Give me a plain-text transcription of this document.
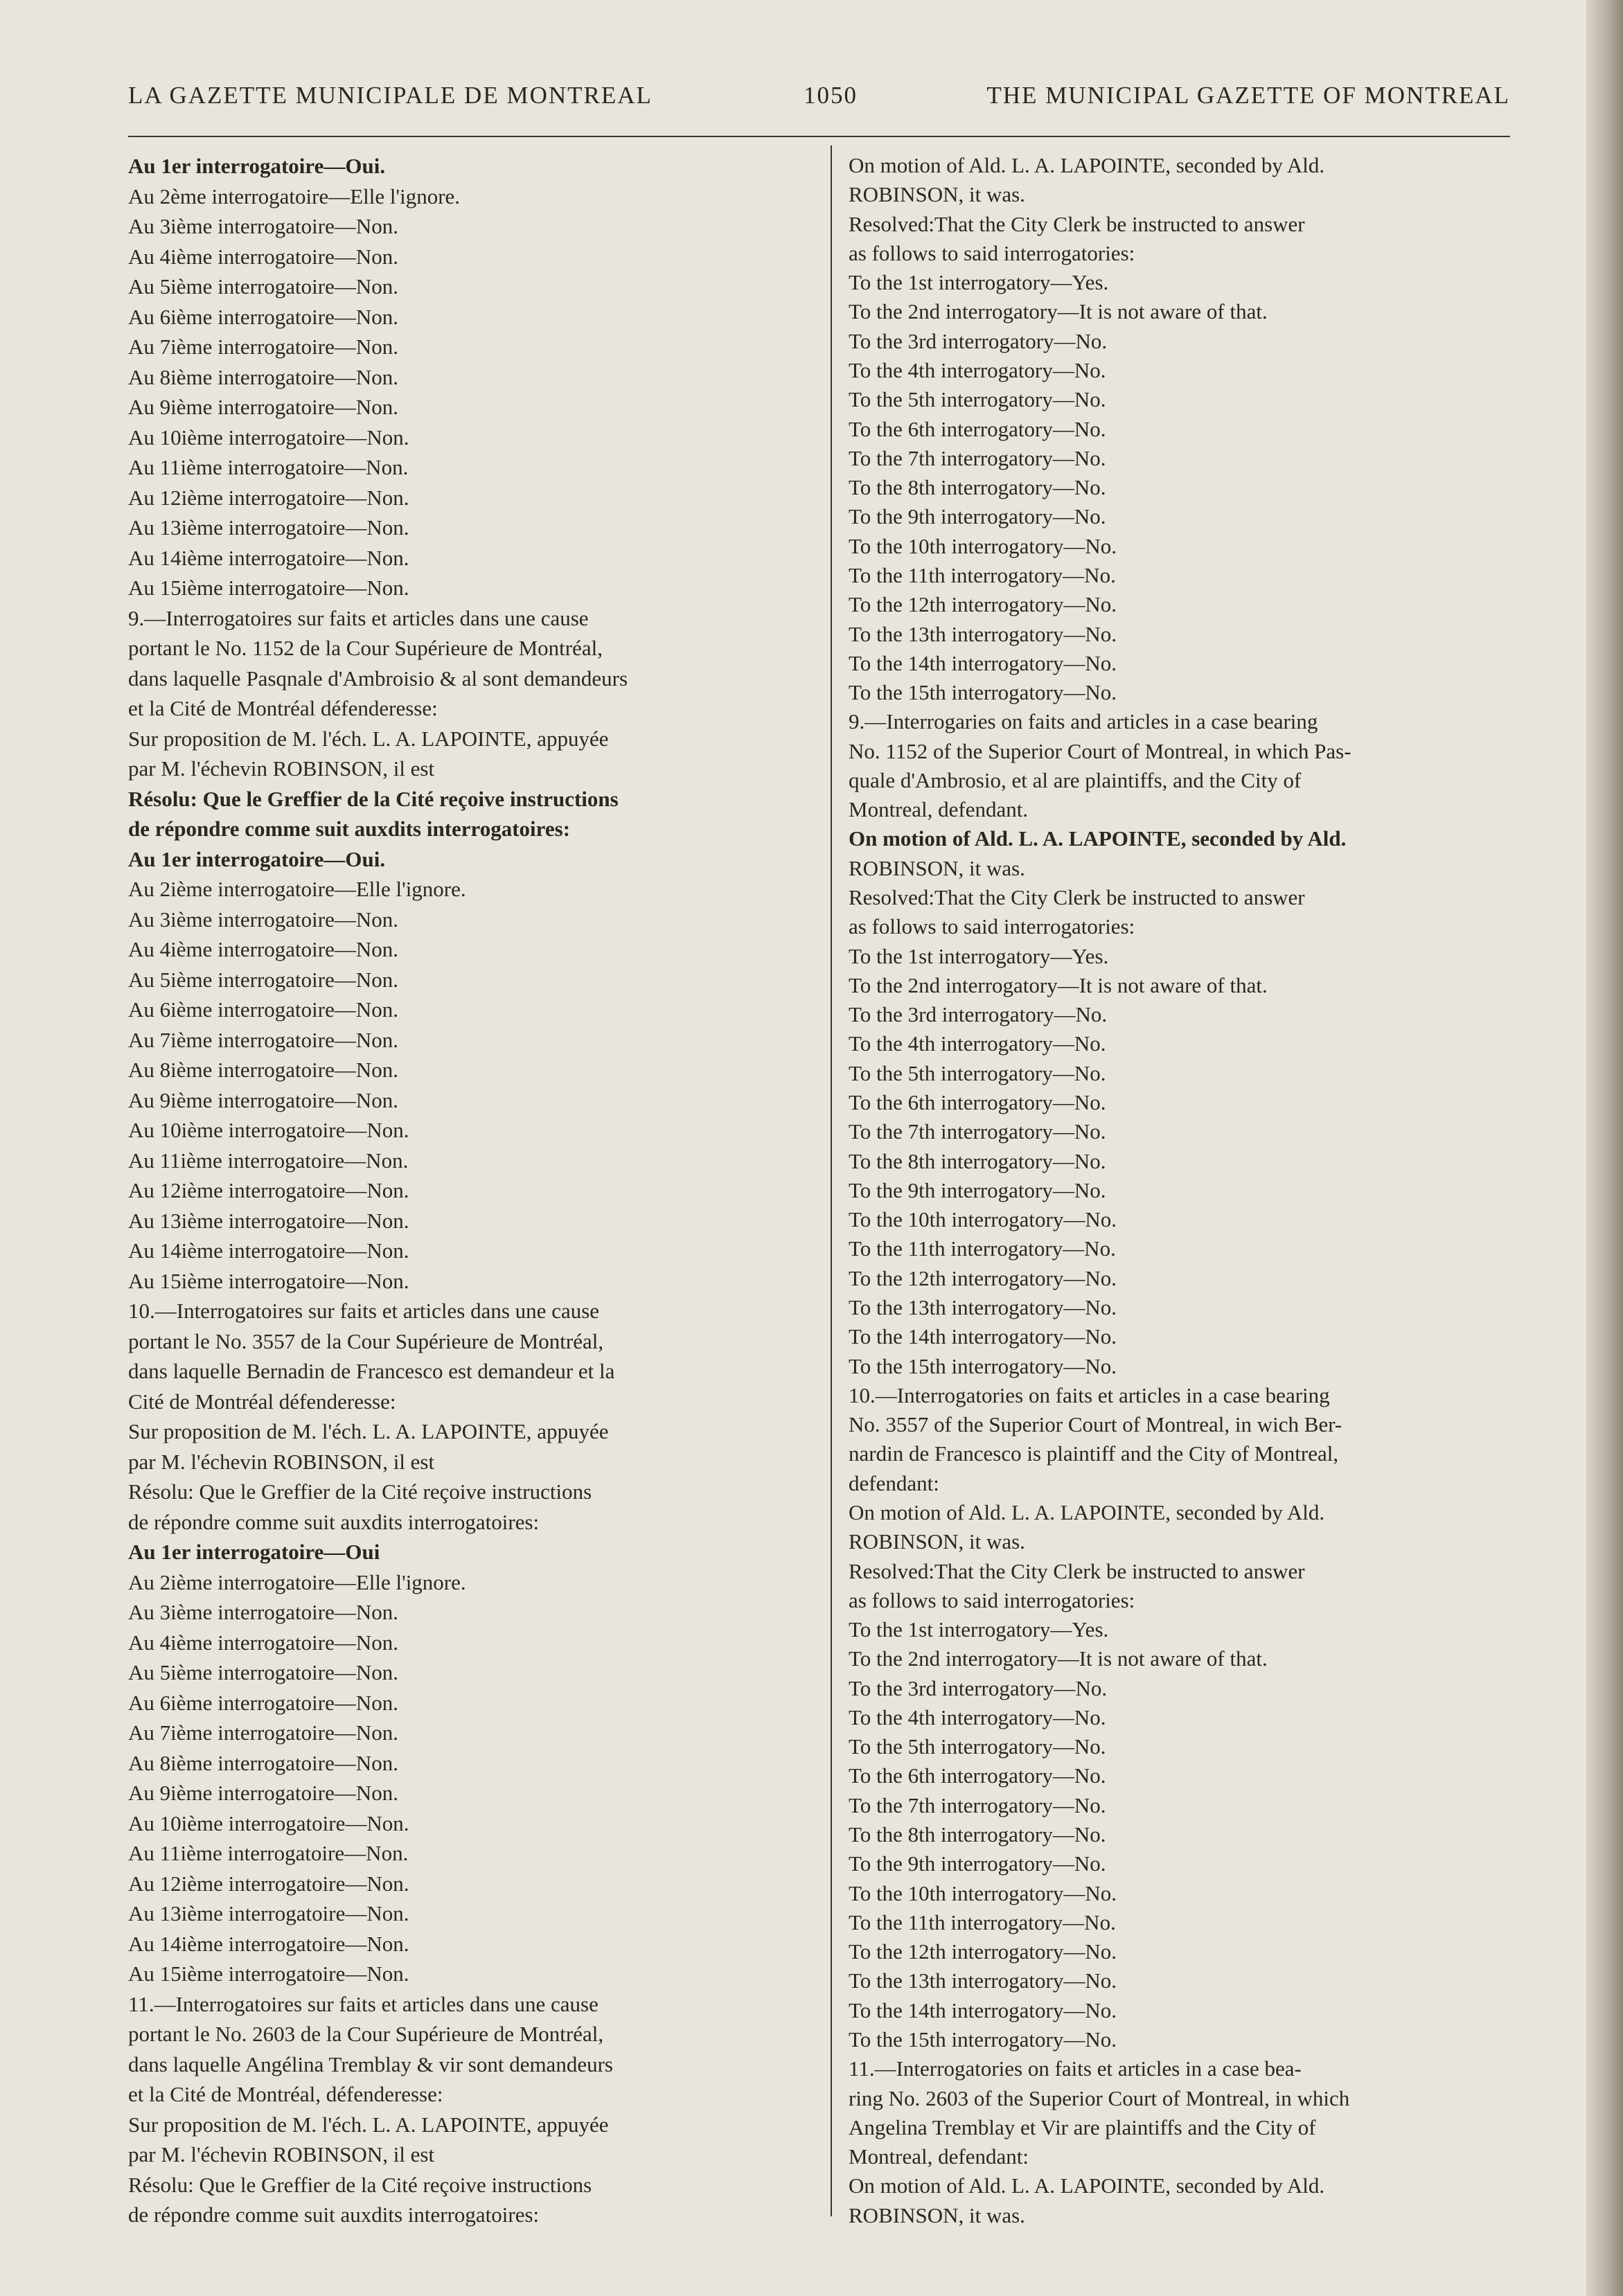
LA GAZETTE MUNICIPALE DE MONTREAL	1050	THE MUNICIPAL GAZETTE OF MONTREAL
Au 1er interrogatoire—Oui.
Au 2ème interrogatoire—Elle l'ignore.
Au 3ième interrogatoire—Non.
Au 4ième interrogatoire—Non.
Au 5ième interrogatoire—Non.
Au 6ième interrogatoire—Non.
Au 7ième interrogatoire—Non.
Au 8ième interrogatoire—Non.
Au 9ième interrogatoire—Non.
Au 10ième interrogatoire—Non.
Au 11ième interrogatoire—Non.
Au 12ième interrogatoire—Non.
Au 13ième interrogatoire—Non.
Au 14ième interrogatoire—Non.
Au 15ième interrogatoire—Non.
9.—Interrogatoires sur faits et articles dans une cause
portant le No. 1152 de la Cour Supérieure de Montréal,
dans laquelle Pasqnale d'Ambroisio & al sont demandeurs
et la Cité de Montréal défenderesse:
Sur proposition de M. l'éch. L. A. LAPOINTE, appuyée
par M. l'échevin ROBINSON, il est
Résolu: Que le Greffier de la Cité reçoive instructions
de répondre comme suit auxdits interrogatoires:
Au 1er interrogatoire—Oui.
Au 2ième interrogatoire—Elle l'ignore.
Au 3ième interrogatoire—Non.
Au 4ième interrogatoire—Non.
Au 5ième interrogatoire—Non.
Au 6ième interrogatoire—Non.
Au 7ième interrogatoire—Non.
Au 8ième interrogatoire—Non.
Au 9ième interrogatoire—Non.
Au 10ième interrogatoire—Non.
Au 11ième interrogatoire—Non.
Au 12ième interrogatoire—Non.
Au 13ième interrogatoire—Non.
Au 14ième interrogatoire—Non.
Au 15ième interrogatoire—Non.
10.—Interrogatoires sur faits et articles dans une cause
portant le No. 3557 de la Cour Supérieure de Montréal,
dans laquelle Bernadin de Francesco est demandeur et la
Cité de Montréal défenderesse:
Sur proposition de M. l'éch. L. A. LAPOINTE, appuyée
par M. l'échevin ROBINSON, il est
Résolu: Que le Greffier de la Cité reçoive instructions
de répondre comme suit auxdits interrogatoires:
Au 1er interrogatoire—Oui
Au 2ième interrogatoire—Elle l'ignore.
Au 3ième interrogatoire—Non.
Au 4ième interrogatoire—Non.
Au 5ième interrogatoire—Non.
Au 6ième interrogatoire—Non.
Au 7ième interrogatoire—Non.
Au 8ième interrogatoire—Non.
Au 9ième interrogatoire—Non.
Au 10ième interrogatoire—Non.
Au 11ième interrogatoire—Non.
Au 12ième interrogatoire—Non.
Au 13ième interrogatoire—Non.
Au 14ième interrogatoire—Non.
Au 15ième interrogatoire—Non.
11.—Interrogatoires sur faits et articles dans une cause
portant le No. 2603 de la Cour Supérieure de Montréal,
dans laquelle Angélina Tremblay & vir sont demandeurs
et la Cité de Montréal, défenderesse:
Sur proposition de M. l'éch. L. A. LAPOINTE, appuyée
par M. l'échevin ROBINSON, il est
Résolu: Que le Greffier de la Cité reçoive instructions
de répondre comme suit auxdits interrogatoires:
On motion of Ald. L. A. LAPOINTE, seconded by Ald.
ROBINSON, it was.
Resolved:That the City Clerk be instructed to answer
as follows to said interrogatories:
To the 1st interrogatory—Yes.
To the 2nd interrogatory—It is not aware of that.
To the 3rd interrogatory—No.
To the 4th interrogatory—No.
To the 5th interrogatory—No.
To the 6th interrogatory—No.
To the 7th interrogatory—No.
To the 8th interrogatory—No.
To the 9th interrogatory—No.
To the 10th interrogatory—No.
To the 11th interrogatory—No.
To the 12th interrogatory—No.
To the 13th interrogatory—No.
To the 14th interrogatory—No.
To the 15th interrogatory—No.
9.—Interrogaries on faits and articles in a case bearing
No. 1152 of the Superior Court of Montreal, in which Pas-
quale d'Ambrosio, et al are plaintiffs, and the City of
Montreal, defendant.
On motion of Ald. L. A. LAPOINTE, seconded by Ald.
ROBINSON, it was.
Resolved:That the City Clerk be instructed to answer
as follows to said interrogatories:
To the 1st interrogatory—Yes.
To the 2nd interrogatory—It is not aware of that.
To the 3rd interrogatory—No.
To the 4th interrogatory—No.
To the 5th interrogatory—No.
To the 6th interrogatory—No.
To the 7th interrogatory—No.
To the 8th interrogatory—No.
To the 9th interrogatory—No.
To the 10th interrogatory—No.
To the 11th interrogatory—No.
To the 12th interrogatory—No.
To the 13th interrogatory—No.
To the 14th interrogatory—No.
To the 15th interrogatory—No.
10.—Interrogatories on faits et articles in a case bearing
No. 3557 of the Superior Court of Montreal, in wich Ber-
nardin de Francesco is plaintiff and the City of Montreal,
defendant:
On motion of Ald. L. A. LAPOINTE, seconded by Ald.
ROBINSON, it was.
Resolved:That the City Clerk be instructed to answer
as follows to said interrogatories:
To the 1st interrogatory—Yes.
To the 2nd interrogatory—It is not aware of that.
To the 3rd interrogatory—No.
To the 4th interrogatory—No.
To the 5th interrogatory—No.
To the 6th interrogatory—No.
To the 7th interrogatory—No.
To the 8th interrogatory—No.
To the 9th interrogatory—No.
To the 10th interrogatory—No.
To the 11th interrogatory—No.
To the 12th interrogatory—No.
To the 13th interrogatory—No.
To the 14th interrogatory—No.
To the 15th interrogatory—No.
11.—Interrogatories on faits et articles in a case bea-
ring No. 2603 of the Superior Court of Montreal, in which
Angelina Tremblay et Vir are plaintiffs and the City of
Montreal, defendant:
On motion of Ald. L. A. LAPOINTE, seconded by Ald.
ROBINSON, it was.
